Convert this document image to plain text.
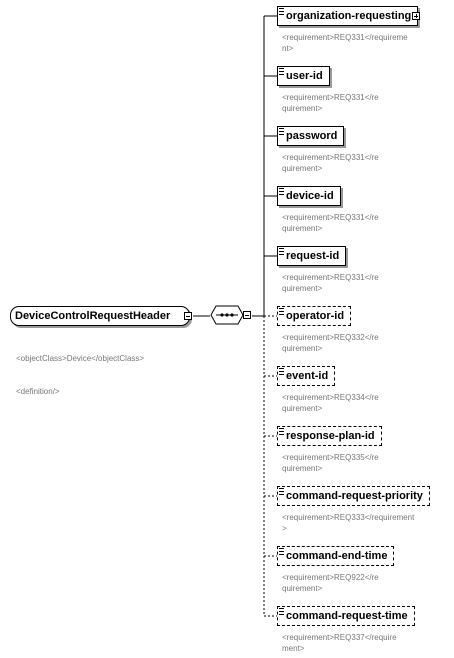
DeviceControlRequestHeader

<objectClass>Device</objectClass>

<definition/>

organization-requesting
<requirement>REQ331</requireme
nt>
user-id
<requirement>REQ331</re
quirement>
password
<requirement>REQ331</re
quirement>
device-id
<requirement>REQ331</re
quirement>
request-id
<requirement>REQ331</re
quirement>
operator-id
<requirement>REQ332</re
quirement>
event-id
<requirement>REQ334</re
quirement>
response-plan-id
<requirement>REQ335</re
quirement>
command-request-priority
<requirement>REQ333</requirement
>
command-end-time
<requirement>REQ922</re
quirement>
command-request-time
<requirement>REQ337</require
ment>
